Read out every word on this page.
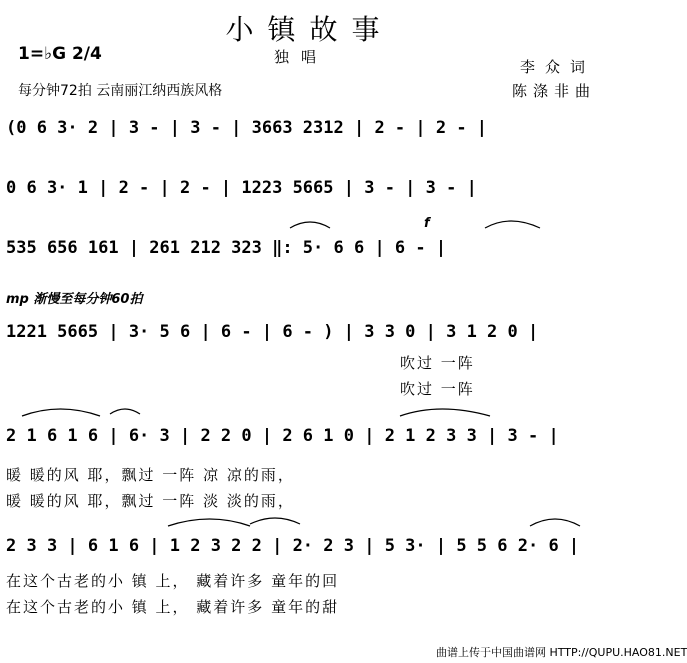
小镇故事
1=♭G 2/4	独唱
李众词
每分钟72拍 云南丽江纳西族风格	陈涤非曲
(0 6 3· 2 | 3 - | 3 - | 3663 2312 | 2 - | 2 - |
0 6 3· 1 | 2 - | 2 - | 1223 5665 | 3 - | 3 - |
f
535 656 161 | 261 212 323 ‖: 5· 6 6 | 6 - |
mp 渐慢至每分钟60拍
1221 5665 | 3· 5 6 | 6 - | 6 - ) | 3 3 0 | 3 1 2 0 |
吹过 一阵
吹过 一阵
2 1 6 1 6 | 6· 3 | 2 2 0 | 2 6 1 0 | 2 1 2 3 3 | 3 - |
暖 暖的风 耶，飘过 一阵 凉 凉的雨，
暖 暖的风 耶，飘过 一阵 淡 淡的雨，
2 3 3 | 6 1 6 | 1 2 3 2 2 | 2· 2 3 | 5 3· | 5 5 6 2· 6 |
在这个古老的小 镇 上， 藏着许多 童年的回
在这个古老的小 镇 上， 藏着许多 童年的甜
曲谱上传于中国曲谱网 HTTP://QUPU.HAO81.NET
